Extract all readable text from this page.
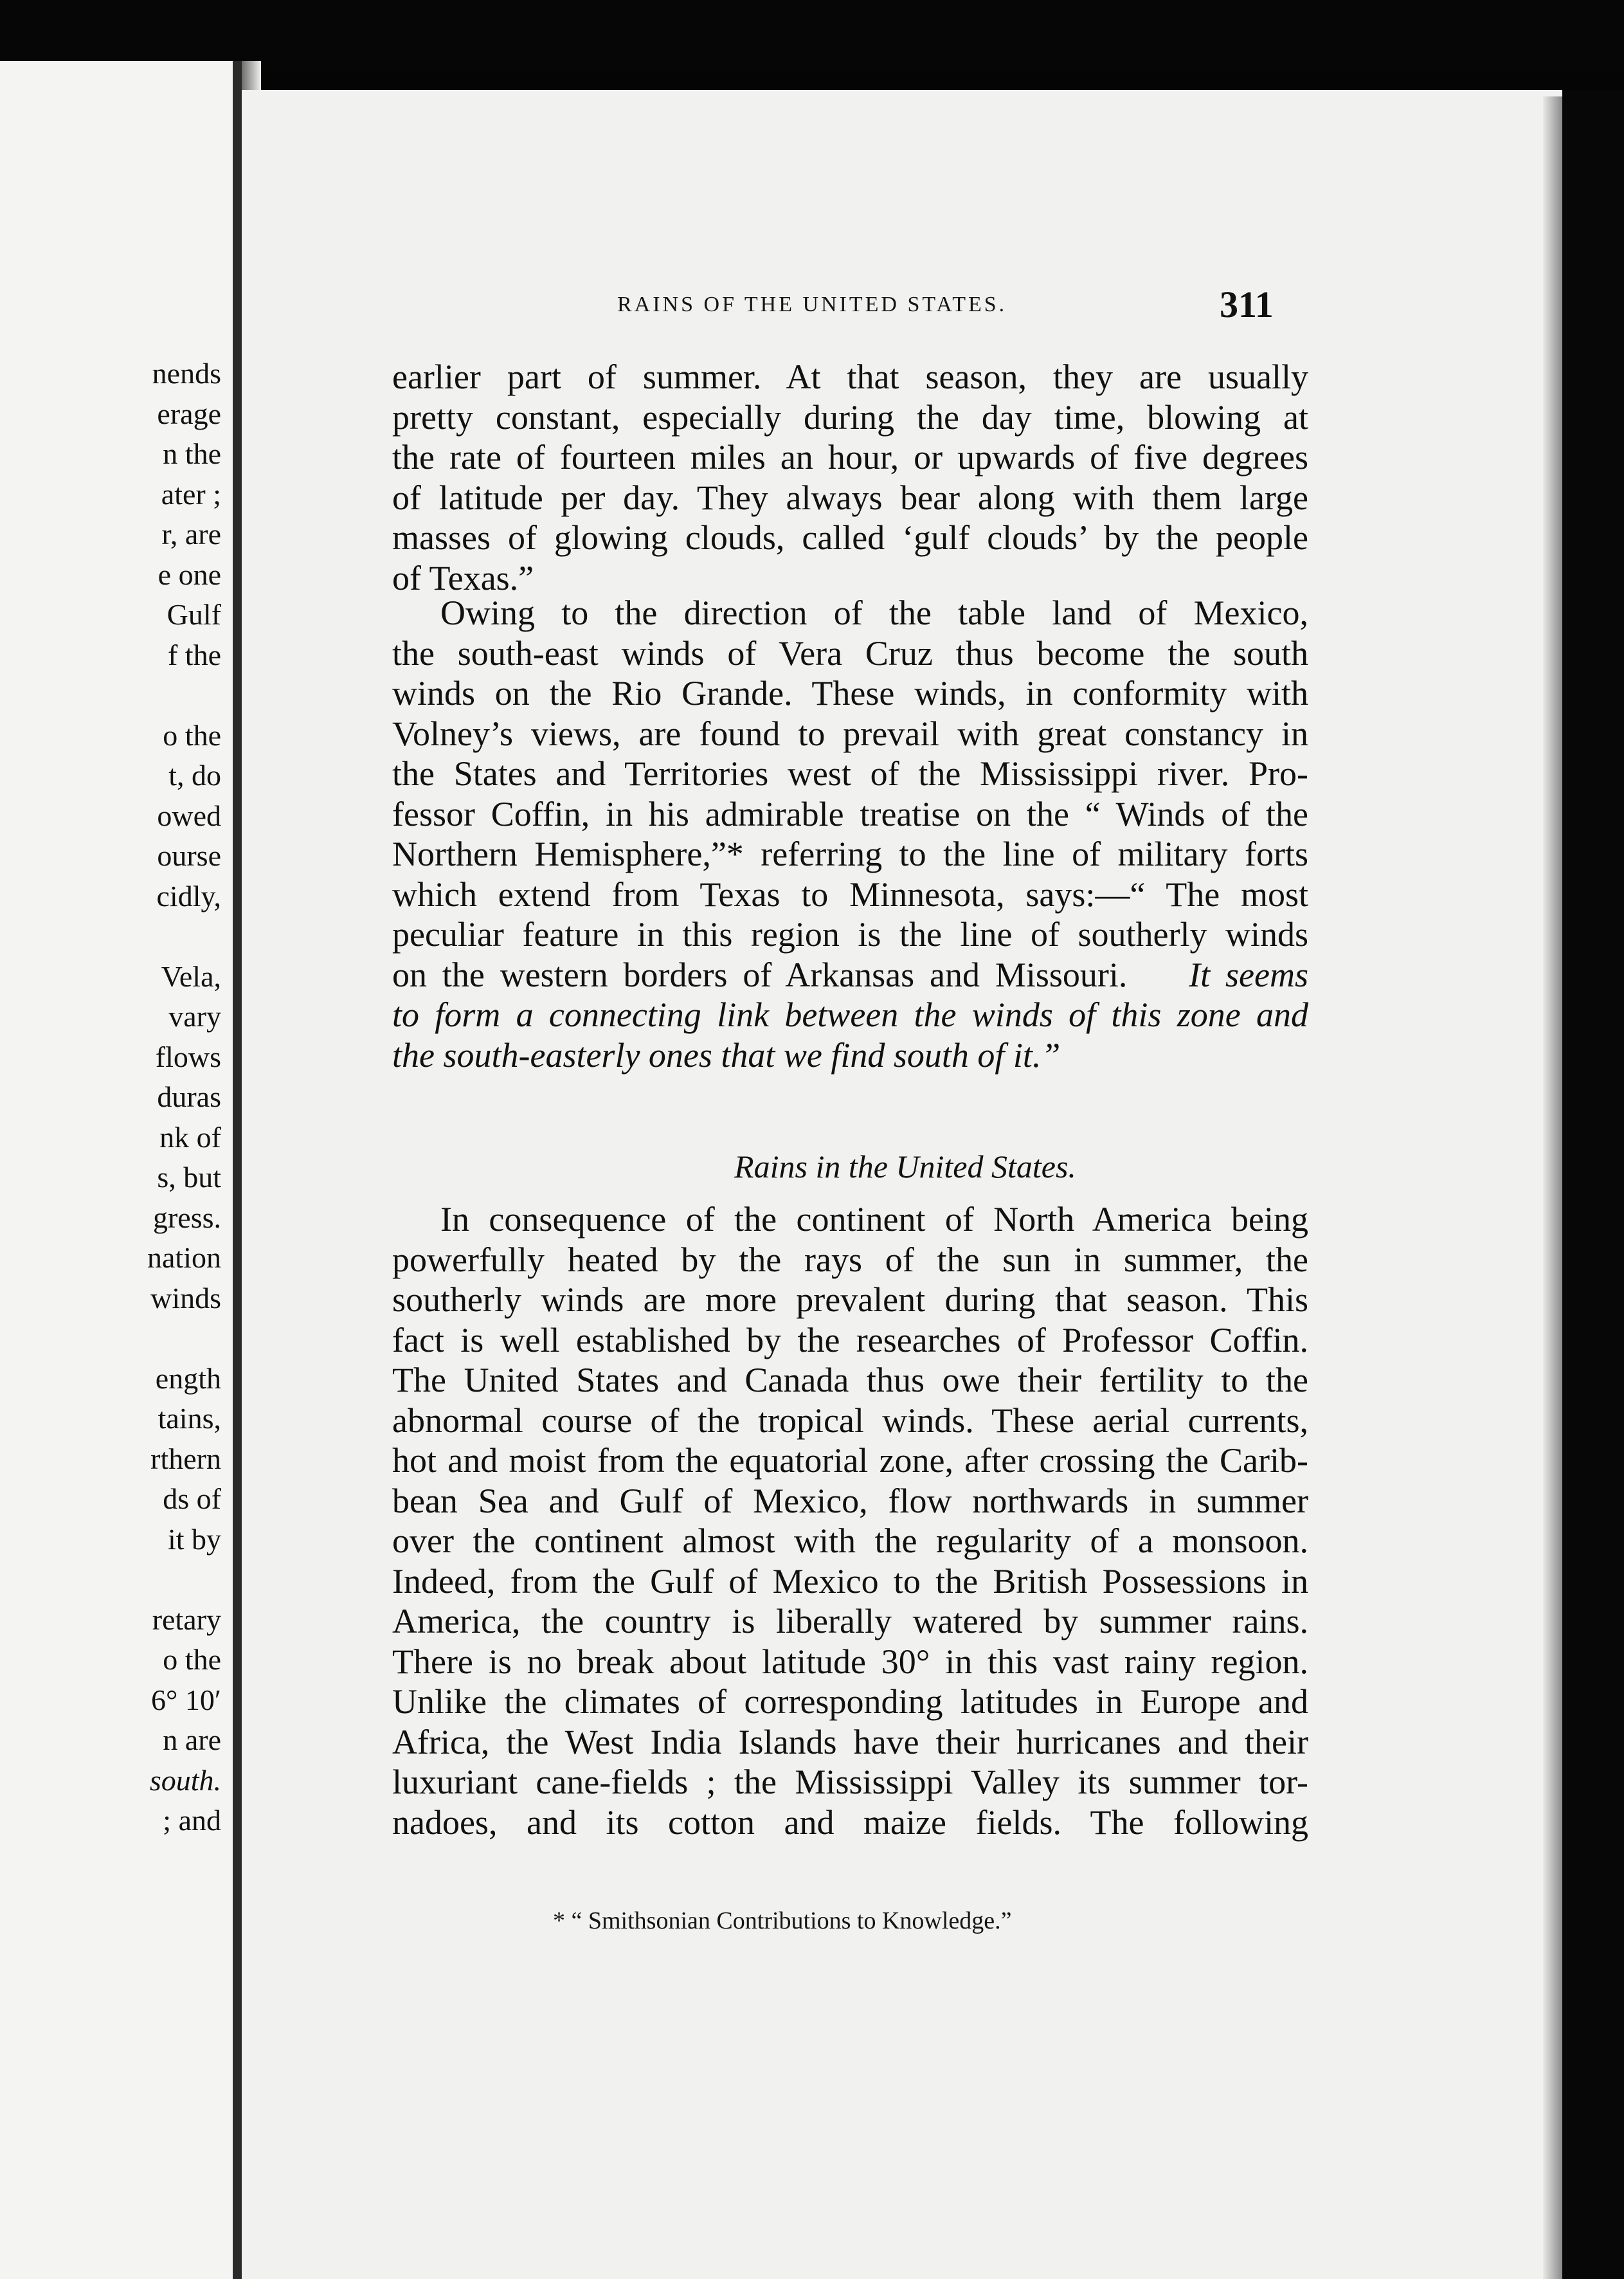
nends
erage
n the
ater ;
r, are
e one
Gulf
f the
o the
t, do
owed
ourse
cidly,
Vela,
vary
flows
duras
nk of
s, but
gress.
nation
winds
ength
tains,
rthern
ds of
it by
retary
o the
6° 10′
n are
south.
; and
RAINS OF THE UNITED STATES.	311
earlier part of summer. At that season, they are usually
pretty constant, especially during the day time, blowing at
the rate of fourteen miles an hour, or upwards of five degrees
of latitude per day. They always bear along with them large
masses of glowing clouds, called ‘gulf clouds’ by the people
of Texas.”
Owing to the direction of the table land of Mexico,
the south-east winds of Vera Cruz thus become the south
winds on the Rio Grande. These winds, in conformity with
Volney’s views, are found to prevail with great constancy in
the States and Territories west of the Mississippi river. Pro-
fessor Coffin, in his admirable treatise on the “ Winds of the
Northern Hemisphere,”* referring to the line of military forts
which extend from Texas to Minnesota, says:—“ The most
peculiar feature in this region is the line of southerly winds
on the western borders of Arkansas and Missouri. It seems
to form a connecting link between the winds of this zone and
the south-easterly ones that we find south of it.”
Rains in the United States.
In consequence of the continent of North America being
powerfully heated by the rays of the sun in summer, the
southerly winds are more prevalent during that season. This
fact is well established by the researches of Professor Coffin.
The United States and Canada thus owe their fertility to the
abnormal course of the tropical winds. These aerial currents,
hot and moist from the equatorial zone, after crossing the Carib-
bean Sea and Gulf of Mexico, flow northwards in summer
over the continent almost with the regularity of a monsoon.
Indeed, from the Gulf of Mexico to the British Possessions in
America, the country is liberally watered by summer rains.
There is no break about latitude 30° in this vast rainy region.
Unlike the climates of corresponding latitudes in Europe and
Africa, the West India Islands have their hurricanes and their
luxuriant cane-fields ; the Mississippi Valley its summer tor-
nadoes, and its cotton and maize fields. The following
* “ Smithsonian Contributions to Knowledge.”
